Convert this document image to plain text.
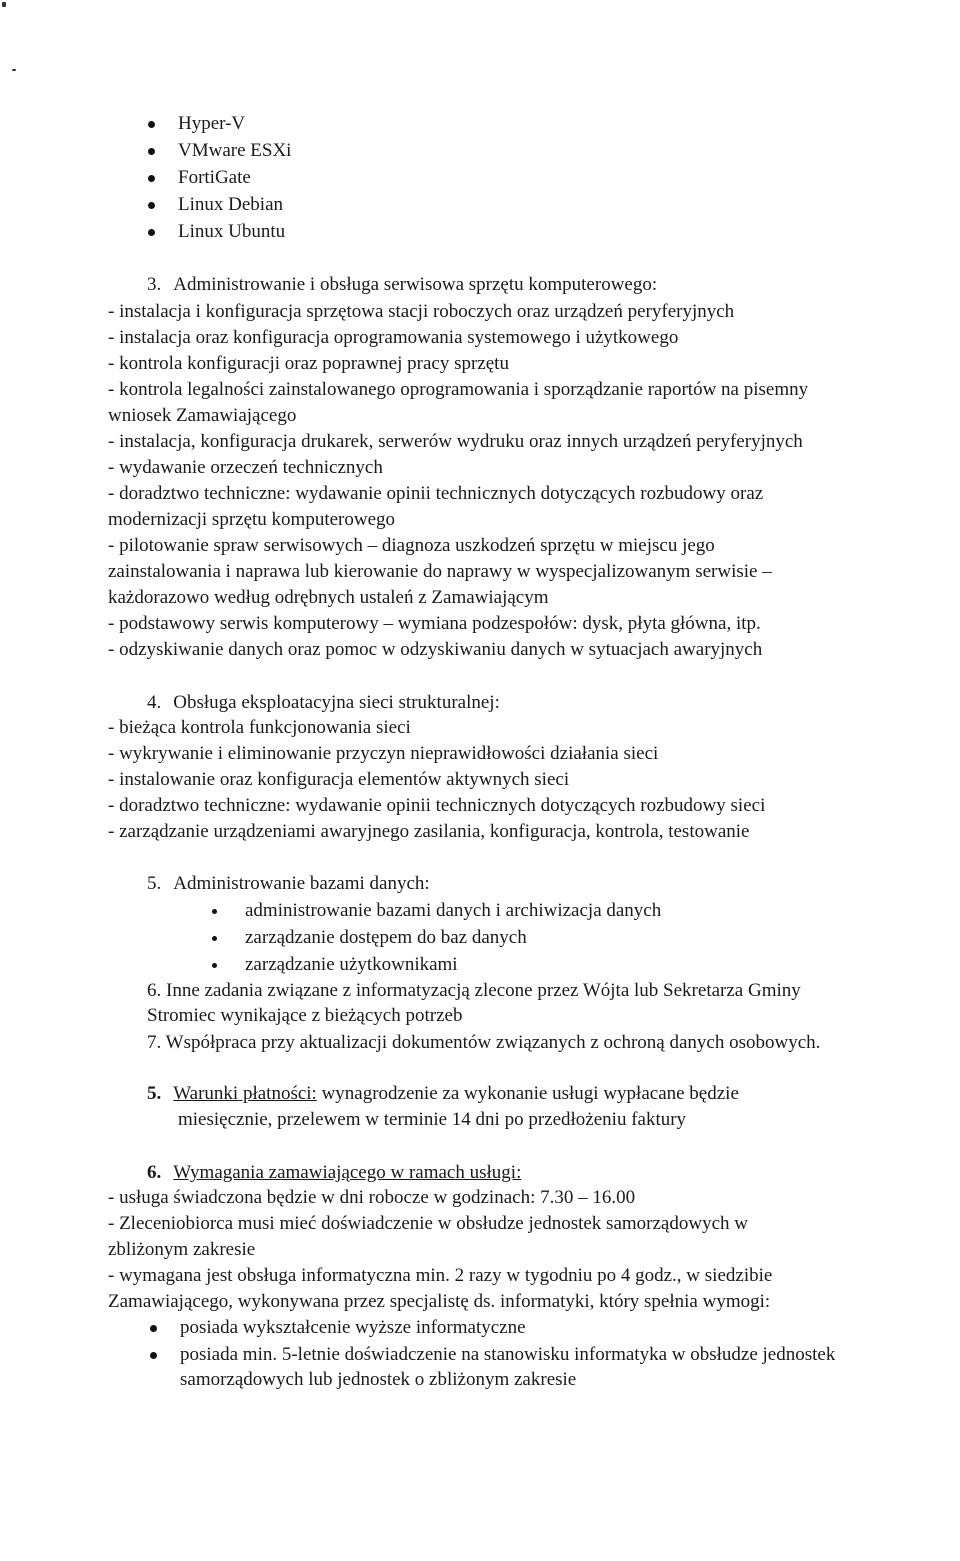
Hyper-V

VMware ESXi

FortiGate

Linux Debian

Linux Ubuntu

3. Administrowanie i obsługa serwisowa sprzętu komputerowego:

- instalacja i konfiguracja sprzętowa stacji roboczych oraz urządzeń peryferyjnych

- instalacja oraz konfiguracja oprogramowania systemowego i użytkowego

- kontrola konfiguracji oraz poprawnej pracy sprzętu

- kontrola legalności zainstalowanego oprogramowania i sporządzanie raportów na pisemny

wniosek Zamawiającego

- instalacja, konfiguracja drukarek, serwerów wydruku oraz innych urządzeń peryferyjnych

- wydawanie orzeczeń technicznych

- doradztwo techniczne: wydawanie opinii technicznych dotyczących rozbudowy oraz

modernizacji sprzętu komputerowego

- pilotowanie spraw serwisowych – diagnoza uszkodzeń sprzętu w miejscu jego

zainstalowania i naprawa lub kierowanie do naprawy w wyspecjalizowanym serwisie –

każdorazowo według odrębnych ustaleń z Zamawiającym

- podstawowy serwis komputerowy – wymiana podzespołów: dysk, płyta główna, itp.

- odzyskiwanie danych oraz pomoc w odzyskiwaniu danych w sytuacjach awaryjnych

4. Obsługa eksploatacyjna sieci strukturalnej:

- bieżąca kontrola funkcjonowania sieci

- wykrywanie i eliminowanie przyczyn nieprawidłowości działania sieci

- instalowanie oraz konfiguracja elementów aktywnych sieci

- doradztwo techniczne: wydawanie opinii technicznych dotyczących rozbudowy sieci

- zarządzanie urządzeniami awaryjnego zasilania, konfiguracja, kontrola, testowanie

5. Administrowanie bazami danych:

administrowanie bazami danych i archiwizacja danych

zarządzanie dostępem do baz danych

zarządzanie użytkownikami

6. Inne zadania związane z informatyzacją zlecone przez Wójta lub Sekretarza Gminy

Stromiec wynikające z bieżących potrzeb

7. Współpraca przy aktualizacji dokumentów związanych z ochroną danych osobowych.

5. Warunki płatności: wynagrodzenie za wykonanie usługi wypłacane będzie

miesięcznie, przelewem w terminie 14 dni po przedłożeniu faktury

6. Wymagania zamawiającego w ramach usługi:

- usługa świadczona będzie w dni robocze w godzinach: 7.30 – 16.00

- Zleceniobiorca musi mieć doświadczenie w obsłudze jednostek samorządowych w

zbliżonym zakresie

- wymagana jest obsługa informatyczna min. 2 razy w tygodniu po 4 godz., w siedzibie

Zamawiającego, wykonywana przez specjalistę ds. informatyki, który spełnia wymogi:

posiada wykształcenie wyższe informatyczne

posiada min. 5-letnie doświadczenie na stanowisku informatyka w obsłudze jednostek

samorządowych lub jednostek o zbliżonym zakresie
